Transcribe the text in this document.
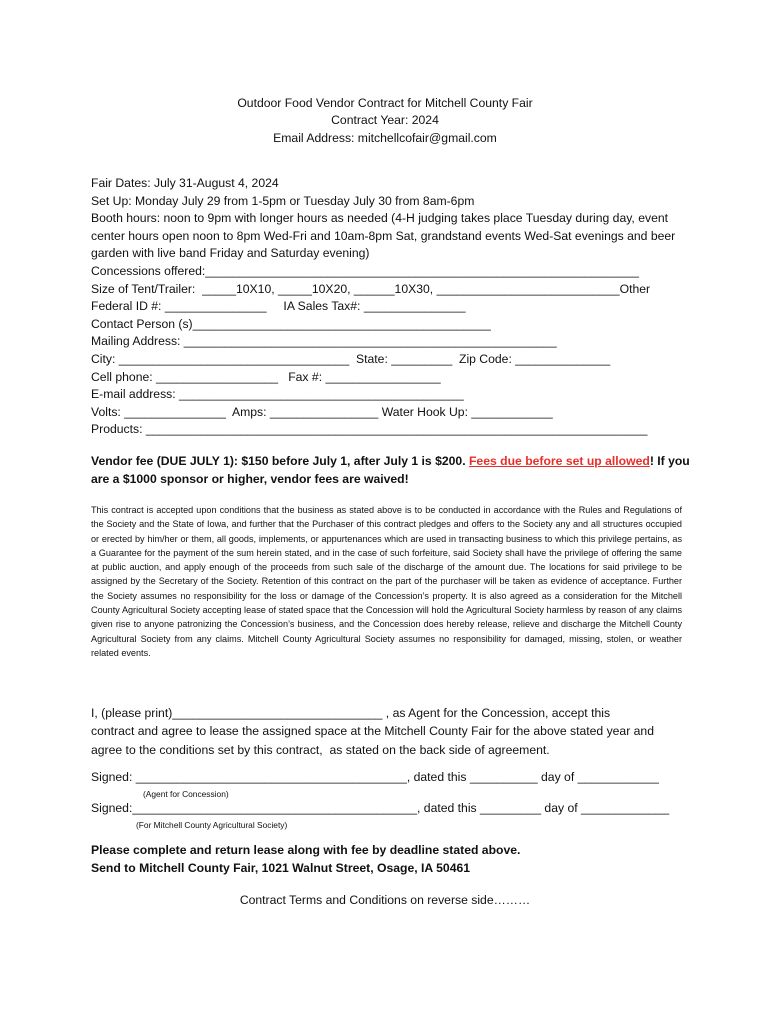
Outdoor Food Vendor Contract for Mitchell County Fair
Contract Year: 2024
Email Address: mitchellcofair@gmail.com
Fair Dates: July 31-August 4, 2024
Set Up: Monday July 29 from 1-5pm or Tuesday July 30 from 8am-6pm
Booth hours: noon to 9pm with longer hours as needed (4-H judging takes place Tuesday during day, event center hours open noon to 8pm Wed-Fri and 10am-8pm Sat, grandstand events Wed-Sat evenings and beer garden with live band Friday and Saturday evening)
Concessions offered:________________________________________________________________
Size of Tent/Trailer:  _____10X10, _____10X20, ______10X30, ___________________________Other
Federal ID #: _______________     IA Sales Tax#: _______________
Contact Person (s)____________________________________________
Mailing Address: _______________________________________________________
City: __________________________________  State: _________  Zip Code: ______________
Cell phone: __________________   Fax #: _________________
E-mail address: __________________________________________
Volts: _______________  Amps: ________________ Water Hook Up: ____________
Products: __________________________________________________________________________
Vendor fee (DUE JULY 1): $150 before July 1, after July 1 is $200. Fees due before set up allowed! If you are a $1000 sponsor or higher, vendor fees are waived!
This contract is accepted upon conditions that the business as stated above is to be conducted in accordance with the Rules and Regulations of the Society and the State of Iowa, and further that the Purchaser of this contract pledges and offers to the Society any and all structures occupied or erected by him/her or them, all goods, implements, or appurtenances which are used in transacting business to which this privilege pertains, as a Guarantee for the payment of the sum herein stated, and in the case of such forfeiture, said Society shall have the privilege of offering the same at public auction, and apply enough of the proceeds from such sale of the discharge of the amount due. The locations for said privilege to be assigned by the Secretary of the Society. Retention of this contract on the part of the purchaser will be taken as evidence of acceptance. Further the Society assumes no responsibility for the loss or damage of the Concession’s property. It is also agreed as a consideration for the Mitchell County Agricultural Society accepting lease of stated space that the Concession will hold the Agricultural Society harmless by reason of any claims given rise to anyone patronizing the Concession’s business, and the Concession does hereby release, relieve and discharge the Mitchell County Agricultural Society from any claims. Mitchell County Agricultural Society assumes no responsibility for damaged, missing, stolen, or weather related events.
I, (please print)_______________________________ , as Agent for the Concession, accept this
contract and agree to lease the assigned space at the Mitchell County Fair for the above stated year and
agree to the conditions set by this contract,  as stated on the back side of agreement.
Signed: ________________________________________, dated this __________ day of ____________
(Agent for Concession)
Signed:__________________________________________, dated this _________ day of _____________
(For Mitchell County Agricultural Society)
Please complete and return lease along with fee by deadline stated above.
Send to Mitchell County Fair, 1021 Walnut Street, Osage, IA 50461
Contract Terms and Conditions on reverse side………
